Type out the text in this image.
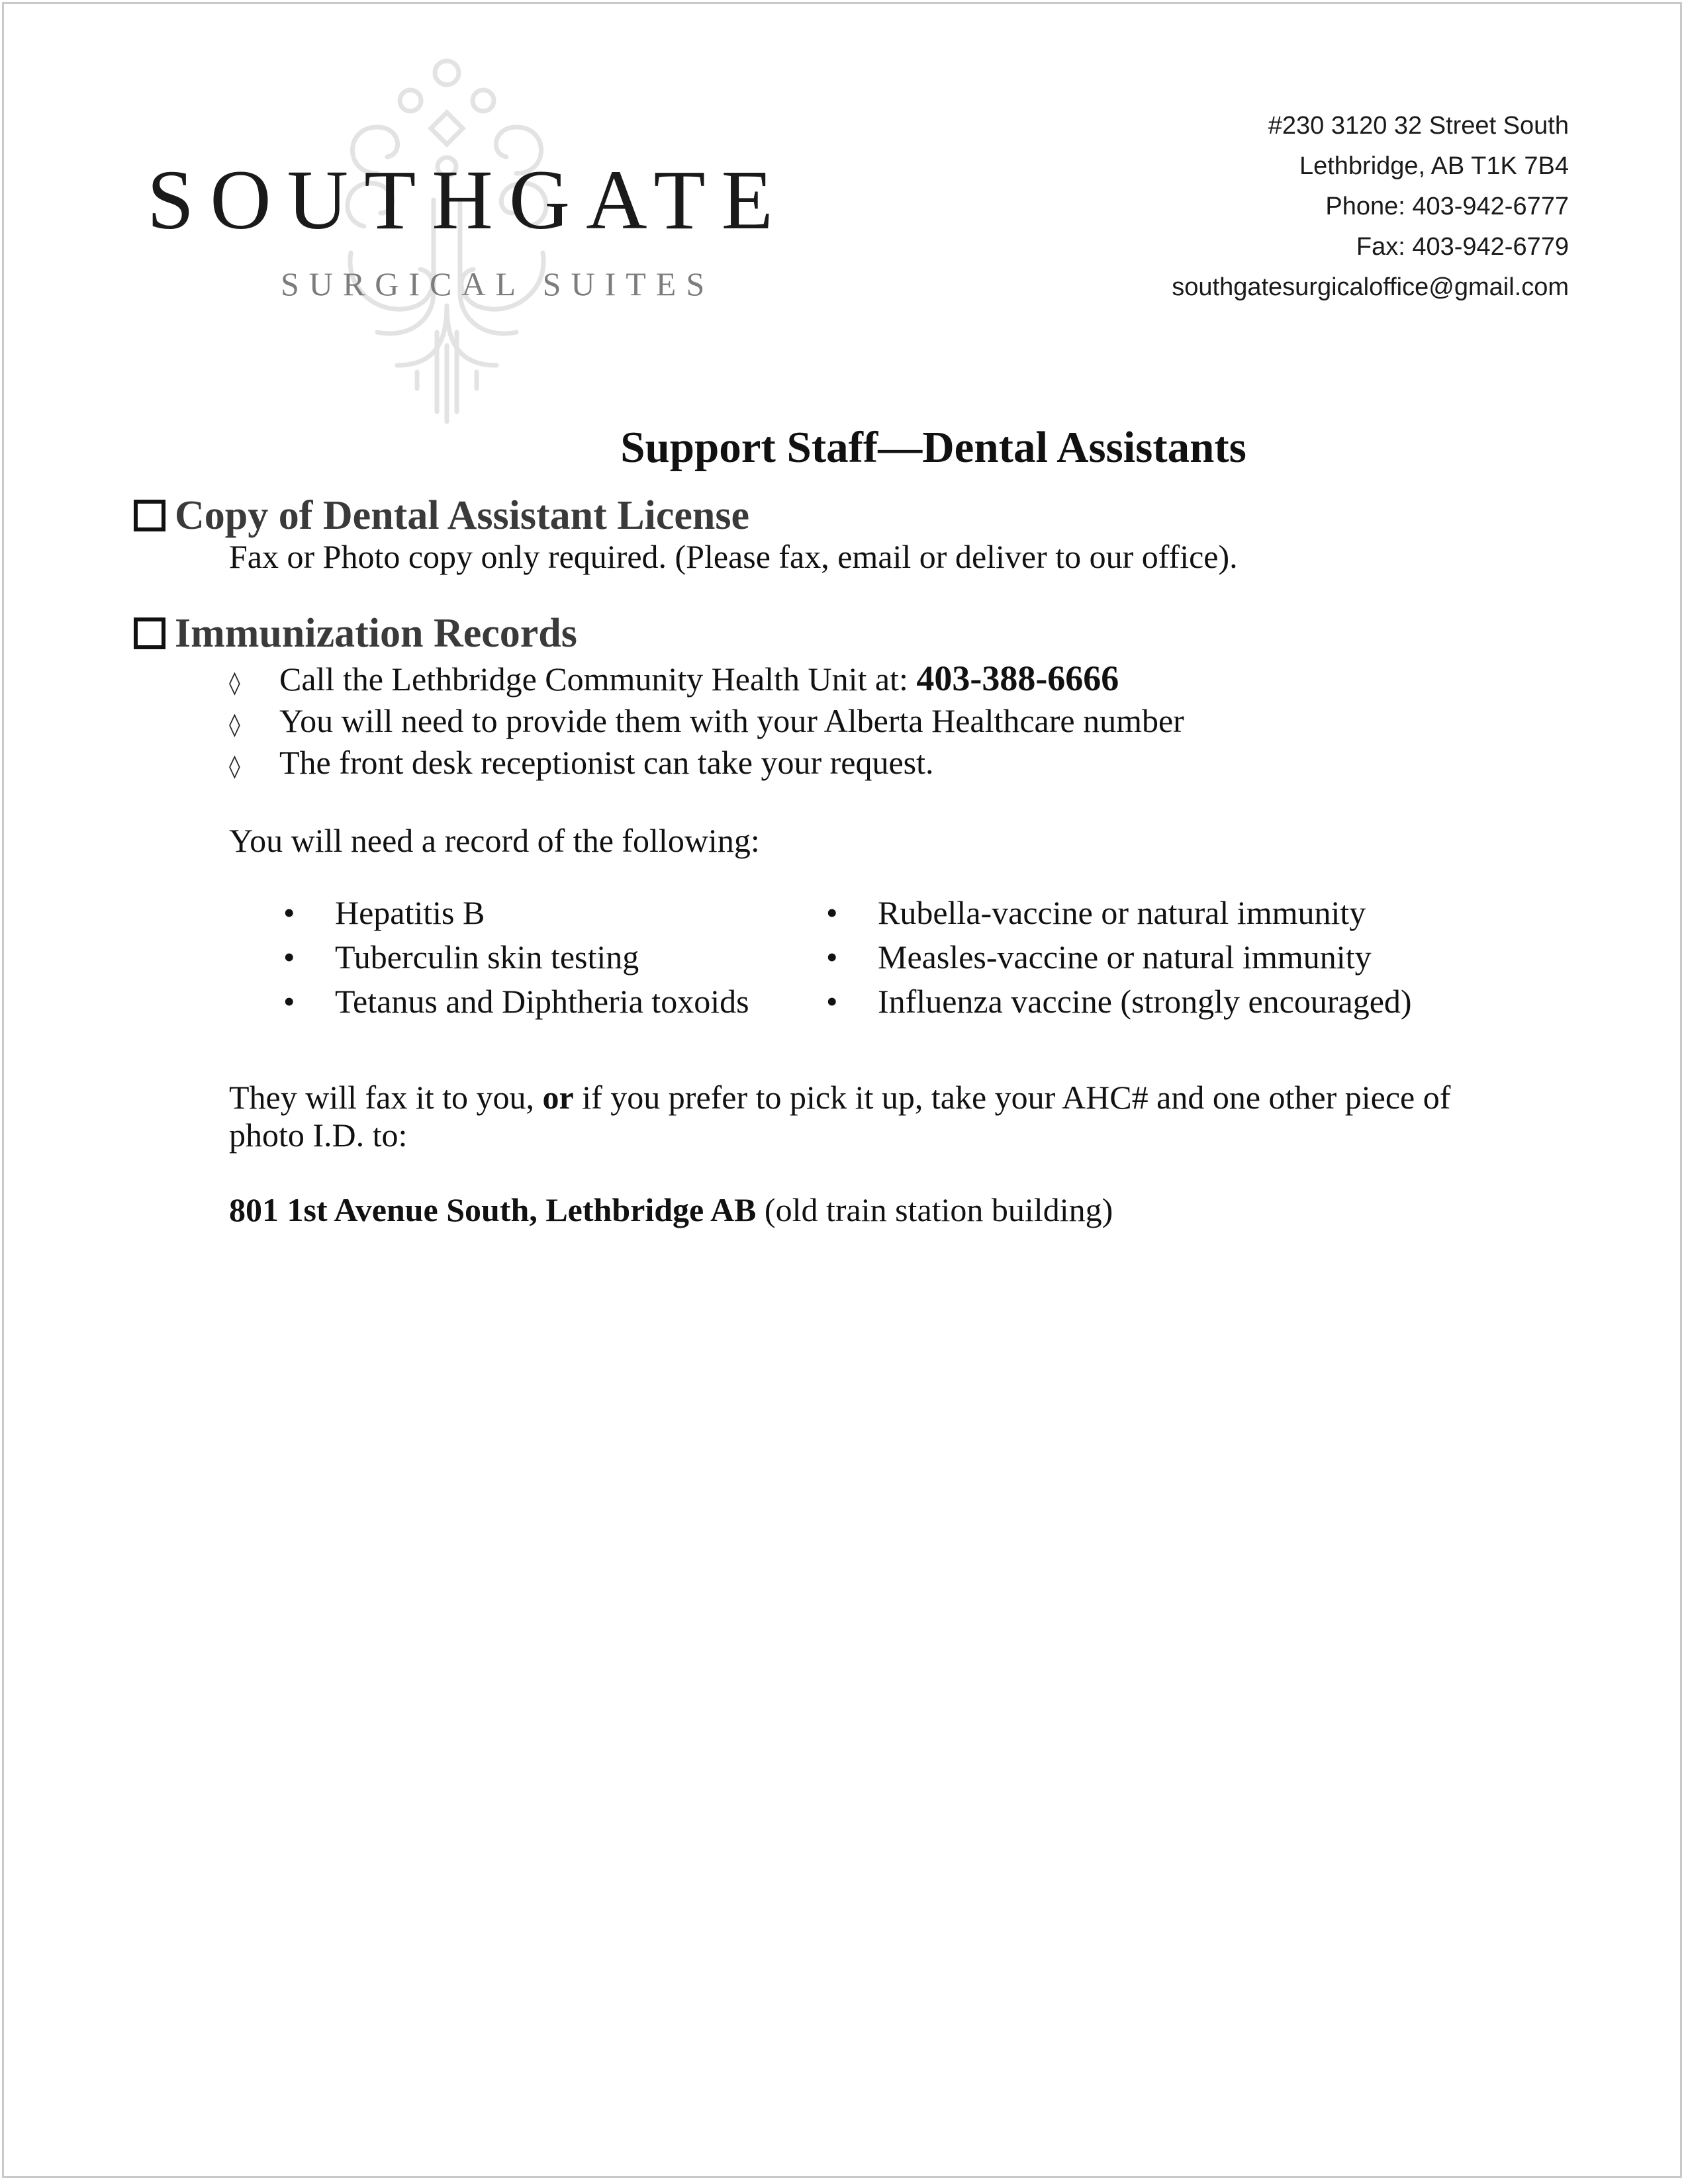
SOUTHGATE
SURGICAL SUITES
#230 3120 32 Street South
Lethbridge, AB T1K 7B4
Phone: 403-942-6777
Fax: 403-942-6779
southgatesurgicaloffice@gmail.com
Support Staff—Dental Assistants
Copy of Dental Assistant License
Fax or Photo copy only required. (Please fax, email or deliver to our office).
Immunization Records
◊	Call the Lethbridge Community Health Unit at: 403-388-6666
◊	You will need to provide them with your Alberta Healthcare number
◊	The front desk receptionist can take your request.
You will need a record of the following:
•	Hepatitis B	•	Rubella-vaccine or natural immunity
•	Tuberculin skin testing	•	Measles-vaccine or natural immunity
•	Tetanus and Diphtheria toxoids •	Influenza vaccine (strongly encouraged)
They will fax it to you, or if you prefer to pick it up, take your AHC# and one other piece of photo I.D. to:
801 1st Avenue South, Lethbridge AB (old train station building)
